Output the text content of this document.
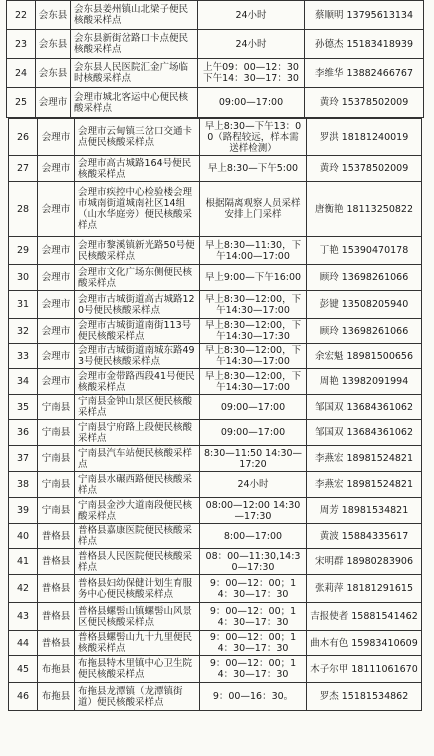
22	会东县	会东县姜州镇山北梁子便民核酸采样点	24小时	蔡顺明 13795613134
23	会东县	会东县新街岔路口卡点便民核酸采样点	24小时	孙德杰 15183418939
24	会东县	会东县人民医院汇金广场临时核酸采样点	上午09：00—12：30 下午14：30—17：30	李维华 13882466767
25	会理市	会理市城北客运中心便民核酸采样点	09:00—17:00	黄玲 15378502009
26	会理市	会理市云甸镇三岔口交通卡点便民核酸采样点	早上8:30—下午13：00（路程较远，样本需送样检测）	罗洪 18181240019
27	会理市	会理市高古城路164号便民核酸采样点	早上8:30—下午5:00	黄玲 15378502009
28	会理市	会理市疾控中心检验楼会理市城南街道城南社区14组（山水华庭旁）便民核酸采样点	根据隔离观察人员采样安排上门采样	唐衡艳 18113250822
29	会理市	会理市黎溪镇新光路50号便民核酸采样点	早上8:30—11:30，下午14:00—17:00	丁艳 15390470178
30	会理市	会理市文化广场东侧便民核酸采样点	早上9:00—下午16:00	顾玲 13698261066
31	会理市	会理市古城街道高古城路120号便民核酸采样点	早上8:30—12:00，下午14:30—17:00	彭键 13508205940
32	会理市	会理市古城街道南街113号便民核酸采样点	早上8:30—12:00，下午14:30—17:30	顾玲 13698261066
33	会理市	会理市古城街道南城东路493号便民核酸采样点	早上8:30—12:00，下午14:30—17:00	余宏魁 18981500656
34	会理市	会理市金带路西段41号便民核酸采样点	早上8:30—12:00，下午14:30—17:00	周艳 13982091994
35	宁南县	宁南县金钟山景区便民核酸采样点	09:00—17:00	邹国双 13684361062
36	宁南县	宁南县宁府路上段便民核酸采样点	09:00—17:00	邹国双 13684361062
37	宁南县	宁南县汽车站便民核酸采样点	8:30—11:50 14:30—17:20	李燕宏 18981524821
38	宁南县	宁南县水碾西路便民核酸采样点	24小时	李燕宏 18981524821
39	宁南县	宁南县金沙大道南段便民核酸采样点	08:00—12:00 14:30—17:30	周芳 18981534821
40	普格县	普格县嘉康医院便民核酸采样点	8:00—17:00	黄波 15884335617
41	普格县	普格县人民医院便民核酸采样点	08：00—11:30,14:30—17:30	宋明群 18980283906
42	普格县	普格县妇幼保健计划生育服务中心便民核酸采样点	9：00—12：00；14：30—17：30	张莉萍 18181291615
43	普格县	普格县螺髻山镇螺髻山风景区便民核酸采样点	9：00—12：00；14：30—17：30	吉报使者 15881541462
44	普格县	普格县螺髻山九十九里便民核酸采样点	9：00—12：00；14：30—17：30	曲木有色 15983410609
45	布拖县	布拖县特木里镇中心卫生院便民核酸采样点	9：00—12：00；14：30—17：30	木子尔甲 18111061670
46	布拖县	布拖县龙潭镇（龙潭镇街道）便民核酸采样点	9：00—16：30。	罗杰 15181534862
